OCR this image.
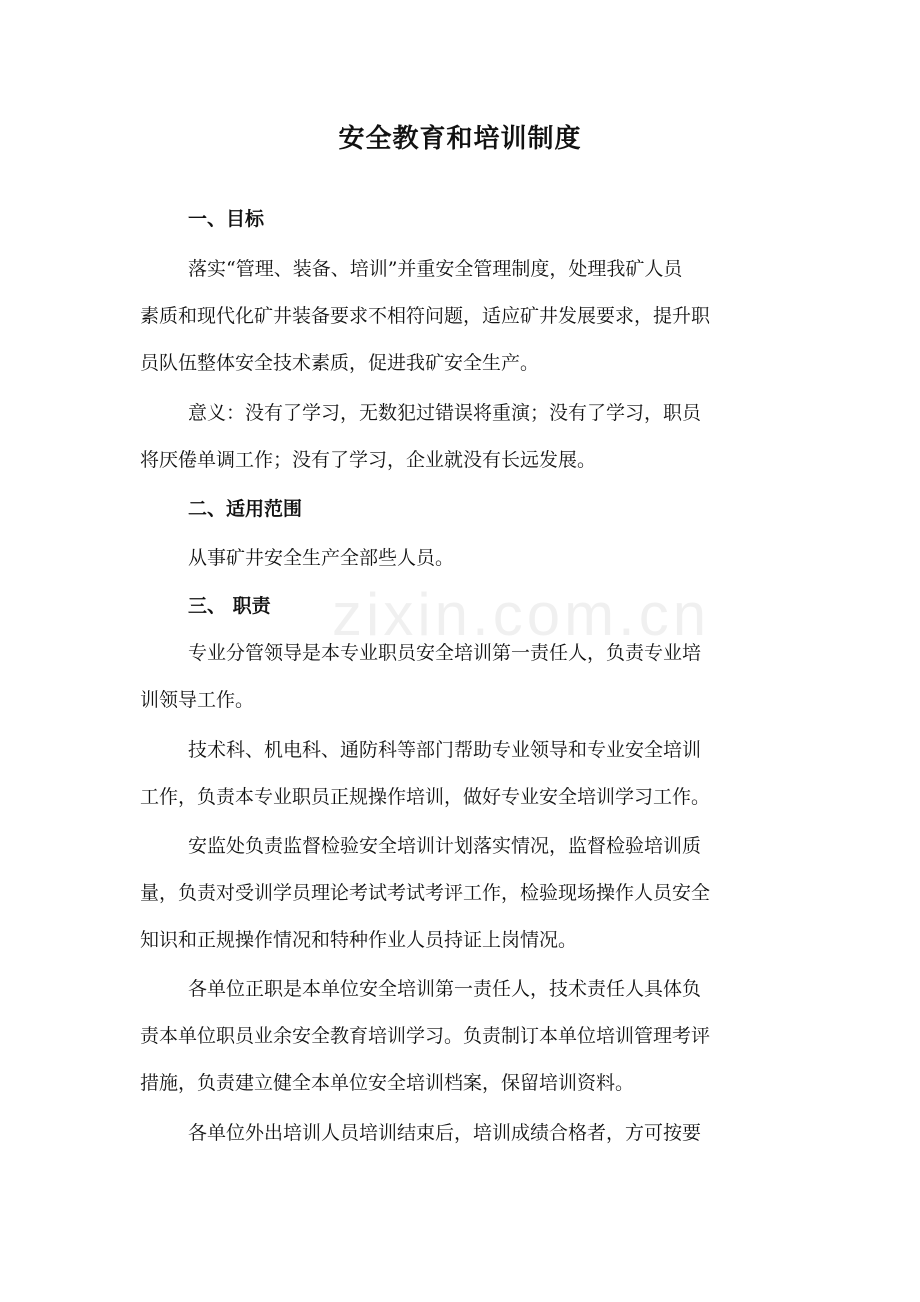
zixin.com.cn
安全教育和培训制度
一、目标
落实“管理、装备、培训”并重安全管理制度，处理我矿人员
素质和现代化矿井装备要求不相符问题，适应矿井发展要求，提升职
员队伍整体安全技术素质，促进我矿安全生产。
意义：没有了学习，无数犯过错误将重演；没有了学习，职员
将厌倦单调工作；没有了学习，企业就没有长远发展。
二、适用范围
从事矿井安全生产全部些人员。
三、 职责
专业分管领导是本专业职员安全培训第一责任人，负责专业培
训领导工作。
技术科、机电科、通防科等部门帮助专业领导和专业安全培训
工作，负责本专业职员正规操作培训，做好专业安全培训学习工作。
安监处负责监督检验安全培训计划落实情况，监督检验培训质
量，负责对受训学员理论考试考试考评工作，检验现场操作人员安全
知识和正规操作情况和特种作业人员持证上岗情况。
各单位正职是本单位安全培训第一责任人，技术责任人具体负
责本单位职员业余安全教育培训学习。负责制订本单位培训管理考评
措施，负责建立健全本单位安全培训档案，保留培训资料。
各单位外出培训人员培训结束后，培训成绩合格者，方可按要
